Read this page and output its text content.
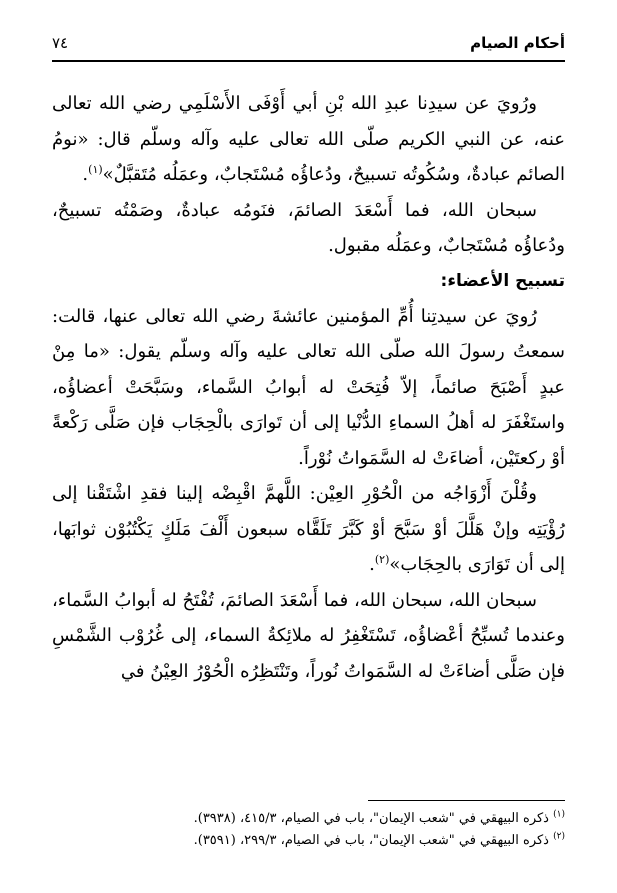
أحكام الصيام
٧٤

ورُويَ عن سيدِنا عبدِ الله بْنِ أبي أَوْفَى الأَسْلَمِي رضي الله تعالى عنه، عن النبي الكريم صلّى الله تعالى عليه وآله وسلّم قال: «نومُ الصائم عبادةٌ، وسُكُوتُه تسبيحٌ، ودُعاؤُه مُسْتَجابٌ، وعمَلُه مُتَقبَّلٌ»$^{(١)}$.

سبحان الله، فما أَسْعَدَ الصائمَ، فنَومُه عبادةٌ، وصَمْتُه تسبيحٌ، ودُعاؤُه مُسْتَجابٌ، وعمَلُه مقبول.

تسبيح الأعضاء:

رُويَ عن سيدتِنا أُمِّ المؤمنين عائشةَ رضي الله تعالى عنها، قالت: سمعتُ رسولَ الله صلّى الله تعالى عليه وآله وسلّم يقول: «ما مِنْ عبدٍ أَصْبَحَ صائماً، إلاّ فُتِحَتْ له أبوابُ السَّماء، وسَبَّحَتْ أعضاؤُه، واستَغْفَرَ له أهلُ السماءِ الدُّنْيا إلى أن تَوارَى بالْحِجَاب فإن صَلَّى رَكْعةً أوْ ركعتَيْن، أضاءَتْ له السَّمَواتُ نُوْراً.

وقُلْنَ أَزْوَاجُه من الْحُوْرِ العِيْن: اللَّهمَّ اقْبِضْه إلينا فقدِ اشْتَقْنا إلى رُؤْيَتِه وإنْ هَلَّلَ أوْ سَبَّحَ أوْ كَبَّرَ تَلَقَّاه سبعون أَلْفَ مَلَكٍ يَكْتُبُوْن ثوابَها، إلى أن تَوَارَى بالحِجَاب»$^{(٢)}$.

سبحان الله، سبحان الله، فما أَسْعَدَ الصائمَ، تُفْتَحُ له أبوابُ السَّماء، وعندما تُسبِّحُ أعْضاؤُه، تَسْتَغْفِرُ له ملائِكةُ السماء، إلى غُرُوْب الشَّمْسِ فإن صَلَّى أضاءَتْ له السَّمَواتُ نُوراً، وتَنْتَظِرُه الْحُوْرُ العِيْنُ في

$^{(١)}$ ذكره البيهقي في "شعب الإيمان"، باب في الصيام، ٤١٥/٣، (٣٩٣٨).

$^{(٢)}$ ذكره البيهقي في "شعب الإيمان"، باب في الصيام، ٢٩٩/٣، (٣٥٩١).
